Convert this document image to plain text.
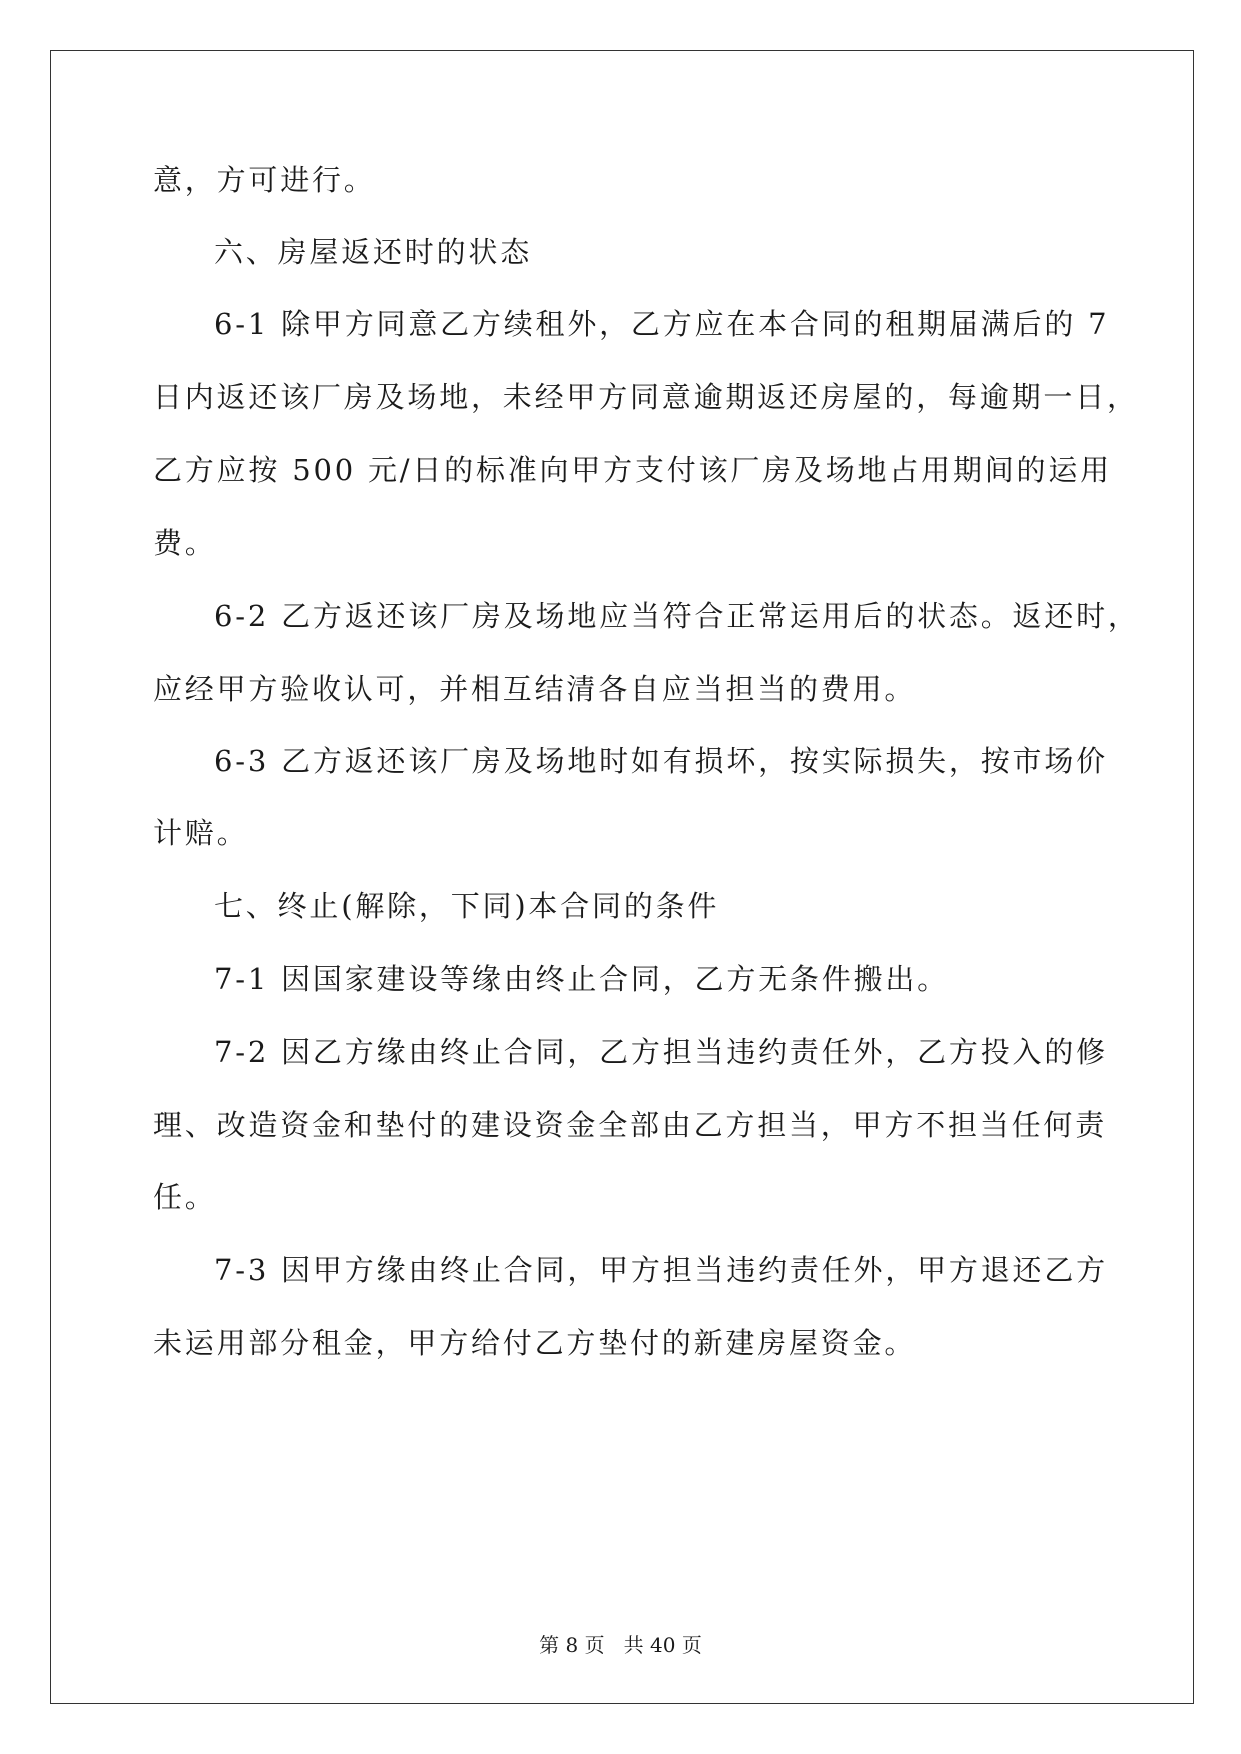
意，方可进行。
六、房屋返还时的状态
6-1 除甲方同意乙方续租外，乙方应在本合同的租期届满后的 7
日内返还该厂房及场地，未经甲方同意逾期返还房屋的，每逾期一日，
乙方应按 500 元/日的标准向甲方支付该厂房及场地占用期间的运用
费。
6-2 乙方返还该厂房及场地应当符合正常运用后的状态。返还时，
应经甲方验收认可，并相互结清各自应当担当的费用。
6-3 乙方返还该厂房及场地时如有损坏，按实际损失，按市场价
计赔。
七、终止(解除，下同)本合同的条件
7-1 因国家建设等缘由终止合同，乙方无条件搬出。
7-2 因乙方缘由终止合同，乙方担当违约责任外，乙方投入的修
理、改造资金和垫付的建设资金全部由乙方担当，甲方不担当任何责
任。
7-3 因甲方缘由终止合同，甲方担当违约责任外，甲方退还乙方
未运用部分租金，甲方给付乙方垫付的新建房屋资金。
第 8 页   共 40 页
